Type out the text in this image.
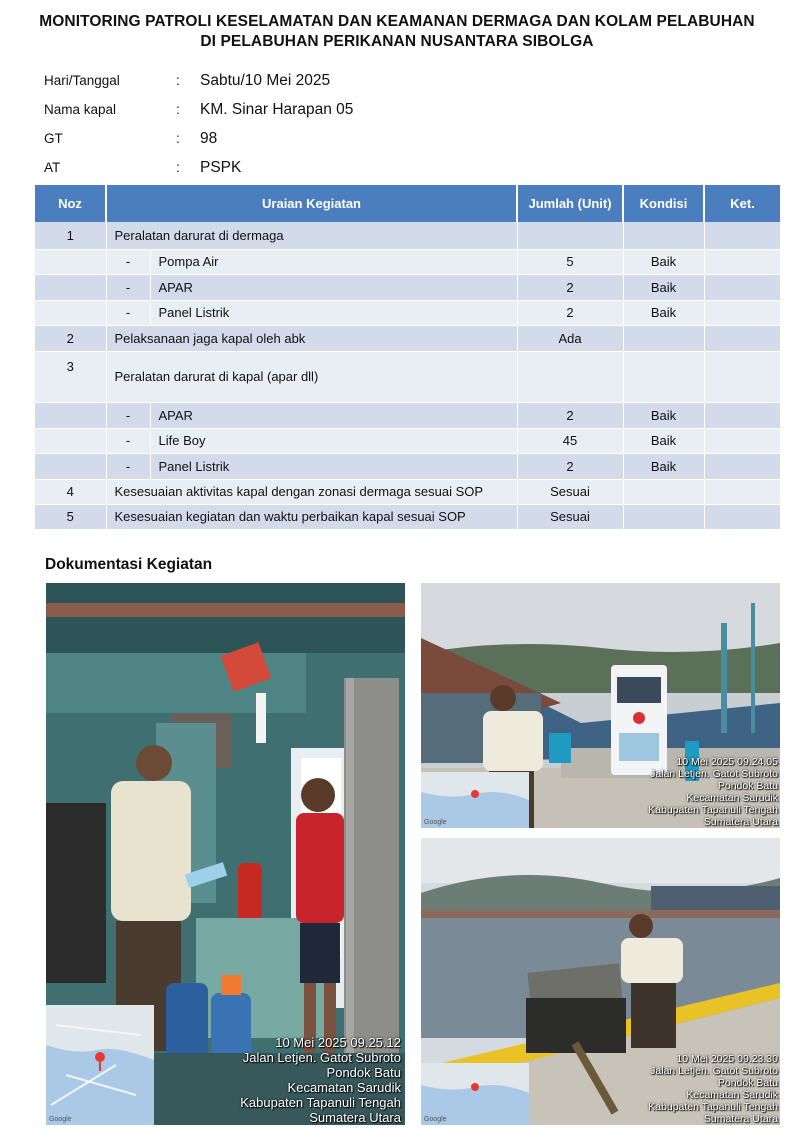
MONITORING PATROLI KESELAMATAN DAN KEAMANAN DERMAGA DAN KOLAM PELABUHAN
DI PELABUHAN PERIKANAN NUSANTARA SIBOLGA
Hari/Tanggal	:	Sabtu/10 Mei 2025
Nama kapal	:	KM. Sinar Harapan 05
GT	:	98
AT	:	PSPK
Noz	Uraian Kegiatan		Jumlah (Unit)	Kondisi	Ket.
1	Peralatan darurat di dermaga				
	-	Pompa Air	5	Baik	
	-	APAR	2	Baik	
	-	Panel Listrik	2	Baik	
2	Pelaksanaan jaga kapal oleh abk		Ada		
3	Peralatan darurat di kapal (apar dll)				
	-	APAR	2	Baik	
	-	Life Boy	45	Baik	
	-	Panel Listrik	2	Baik	
4	Kesesuaian aktivitas kapal dengan zonasi dermaga sesuai SOP		Sesuai		
5	Kesesuaian kegiatan dan waktu perbaikan kapal sesuai SOP		Sesuai		
Dokumentasi Kegiatan
Google
10 Mei 2025 09.25.12
Jalan Letjen. Gatot Subroto
Pondok Batu
Kecamatan Sarudik
Kabupaten Tapanuli Tengah
Sumatera Utara
Google
10 Mei 2025 09.24.05
Jalan Letjen. Gatot Subroto
Pondok Batu
Kecamatan Sarudik
Kabupaten Tapanuli Tengah
Sumatera Utara
Google
10 Mei 2025 09.23.30
Jalan Letjen. Gatot Subroto
Pondok Batu
Kecamatan Sarudik
Kabupaten Tapanuli Tengah
Sumatera Utara
